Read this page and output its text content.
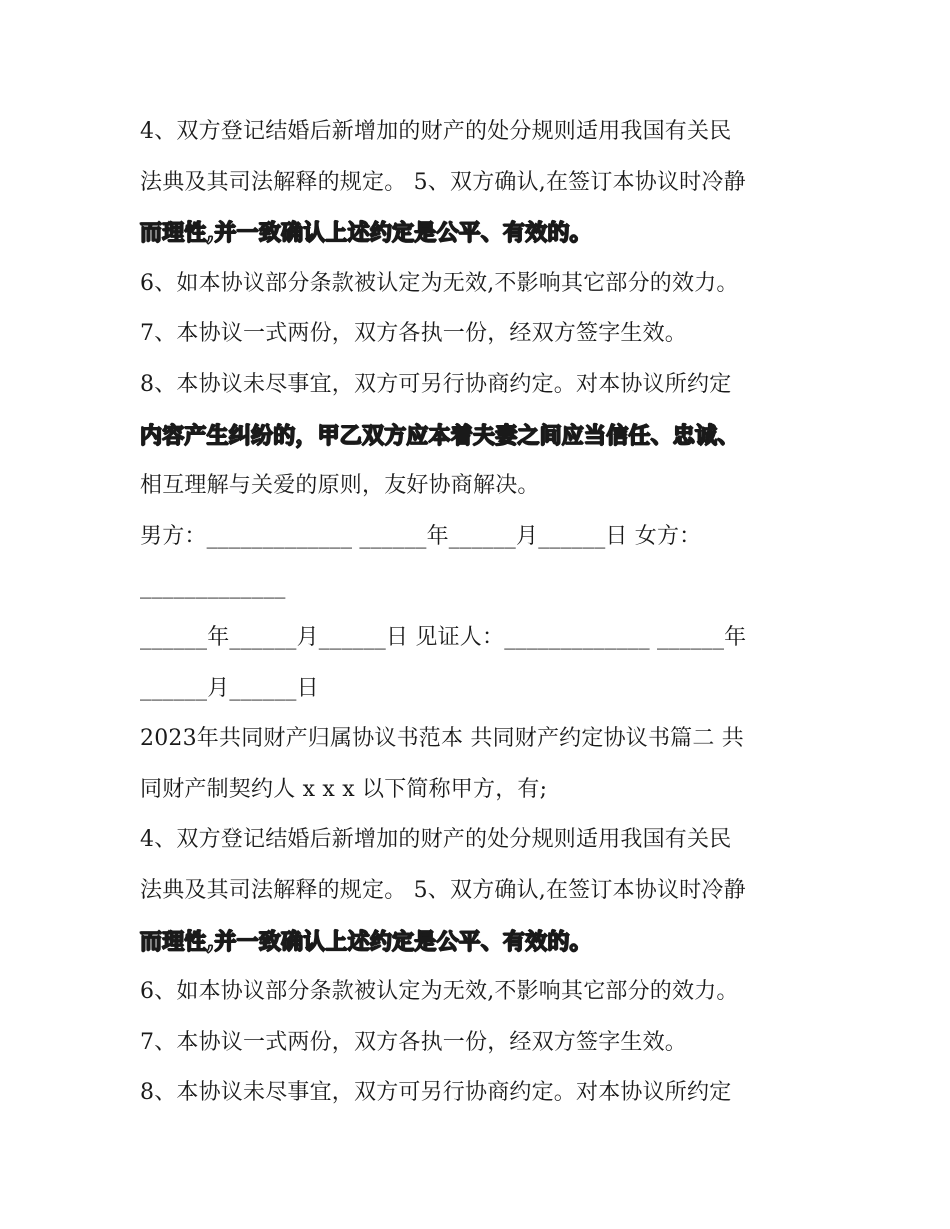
4、双方登记结婚后新增加的财产的处分规则适用我国有关民
法典及其司法解释的规定。 5、双方确认,在签订本协议时冷静
而理性,并一致确认上述约定是公平、有效的。
6、如本协议部分条款被认定为无效,不影响其它部分的效力。
7、本协议一式两份，双方各执一份，经双方签字生效。
8、本协议未尽事宜，双方可另行协商约定。对本协议所约定
内容产生纠纷的，甲乙双方应本着夫妻之间应当信任、忠诚、
相互理解与关爱的原则，友好协商解决。
男方：_____________ ______年______月______日 女方：
_____________
______年______月______日 见证人：_____________ ______年
______月______日
2023年共同财产归属协议书范本 共同财产约定协议书篇二 共
同财产制契约人 x x x 以下简称甲方，有;
4、双方登记结婚后新增加的财产的处分规则适用我国有关民
法典及其司法解释的规定。 5、双方确认,在签订本协议时冷静
而理性,并一致确认上述约定是公平、有效的。
6、如本协议部分条款被认定为无效,不影响其它部分的效力。
7、本协议一式两份，双方各执一份，经双方签字生效。
8、本协议未尽事宜，双方可另行协商约定。对本协议所约定
